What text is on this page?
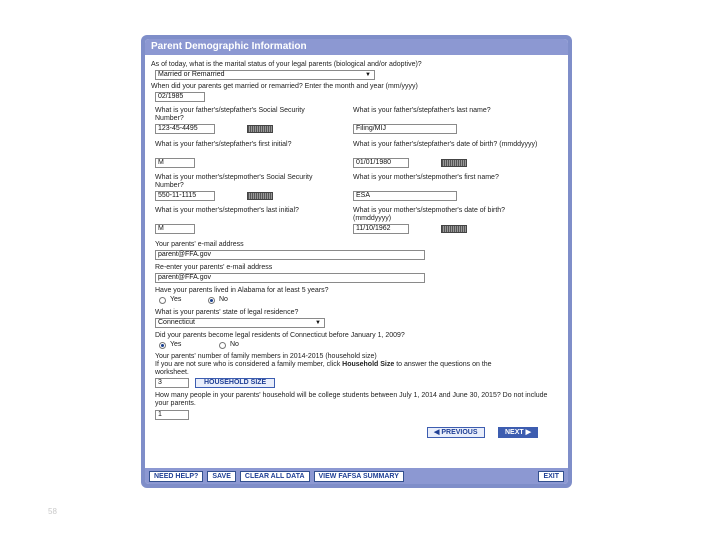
Parent Demographic Information
As of today, what is the marital status of your legal parents (biological and/or adoptive)?
Married or Remarried	▼
When did your parents get married or remarried? Enter the month and year (mm/yyyy)
02/1985
What is your father's/stepfather's Social Security Number?
123-45-4495
What is your father's/stepfather's last name?
Filing/MIJ
What is your father's/stepfather's first initial?
M
What is your father's/stepfather's date of birth? (mmddyyyy)
01/01/1980
What is your mother's/stepmother's Social Security Number?
550-11-1115
What is your mother's/stepmother's first name?
ESA
What is your mother's/stepmother's last initial?
M
What is your mother's/stepmother's date of birth? (mmddyyyy)
11/10/1962
Your parents' e-mail address
parent@FFA.gov
Re-enter your parents' e-mail address
parent@FFA.gov
Have your parents lived in Alabama for at least 5 years?
Yes	No
What is your parents' state of legal residence?
Connecticut	▼
Did your parents become legal residents of Connecticut before January 1, 2009?
Yes	No
Your parents' number of family members in 2014-2015 (household size)
If you are not sure who is considered a family member, click Household Size to answer the questions on the worksheet.
3	HOUSEHOLD SIZE
How many people in your parents' household will be college students between July 1, 2014 and June 30, 2015? Do not include your parents.
1
◀ PREVIOUS	NEXT ▶
NEED HELP?	SAVE	CLEAR ALL DATA	VIEW FAFSA SUMMARY	EXIT
58
